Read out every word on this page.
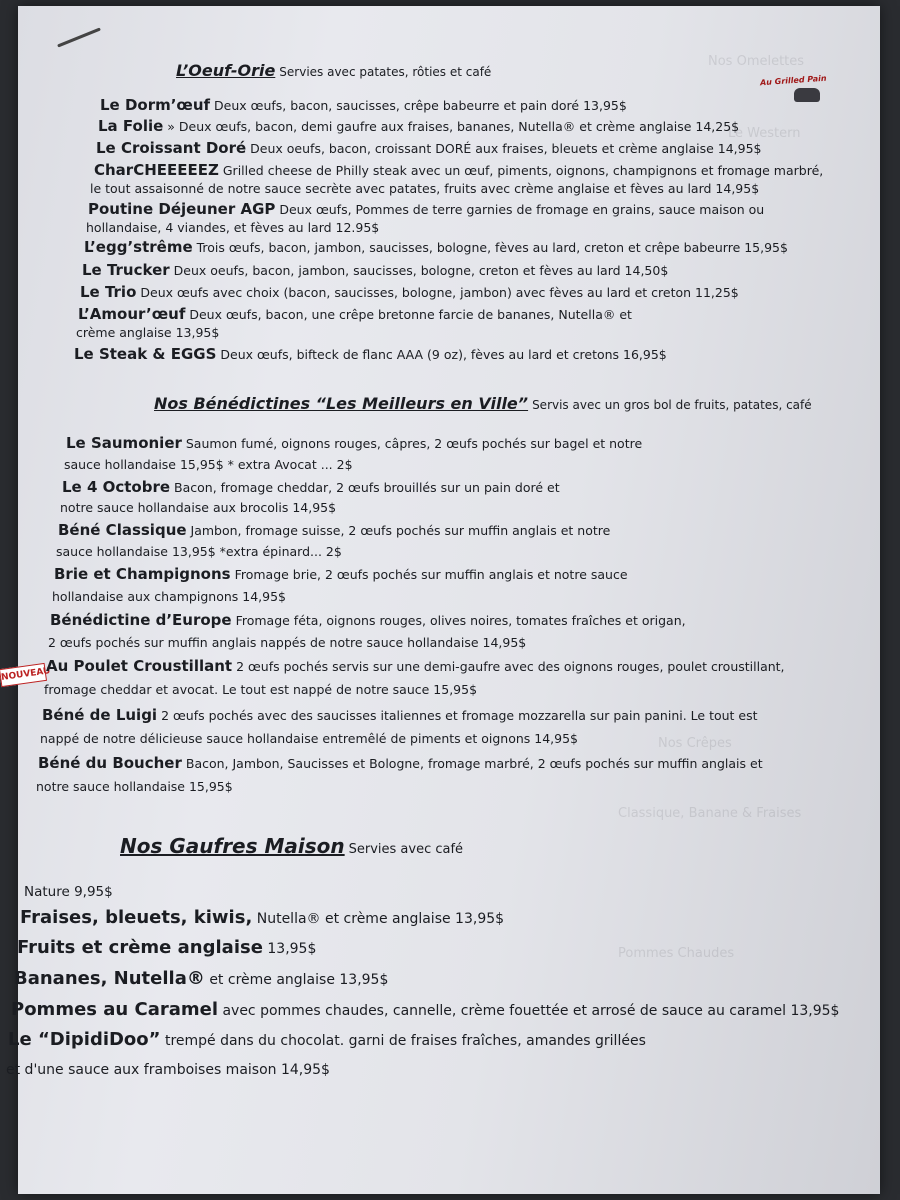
Nos Omelettes
Le Western
Nos Crêpes
Classique, Banane & Fraises
Pommes Chaudes
Au Grilled Pain
NOUVEAU
L’Oeuf-Orie Servies avec patates, rôties et café
Le Dorm’œuf Deux œufs, bacon, saucisses, crêpe babeurre et pain doré 13,95$
La Folie » Deux œufs, bacon, demi gaufre aux fraises, bananes, Nutella® et crème anglaise 14,25$
Le Croissant Doré Deux oeufs, bacon, croissant DORÉ aux fraises, bleuets et crème anglaise 14,95$
CharCHEEEEEZ Grilled cheese de Philly steak avec un œuf, piments, oignons, champignons et fromage marbré,
le tout assaisonné de notre sauce secrète avec patates, fruits avec crème anglaise et fèves au lard 14,95$
Poutine Déjeuner AGP Deux œufs, Pommes de terre garnies de fromage en grains, sauce maison ou
hollandaise, 4 viandes, et fèves au lard 12.95$
L’egg’strême Trois œufs, bacon, jambon, saucisses, bologne, fèves au lard, creton et crêpe babeurre 15,95$
Le Trucker Deux oeufs, bacon, jambon, saucisses, bologne, creton et fèves au lard 14,50$
Le Trio Deux œufs avec choix (bacon, saucisses, bologne, jambon) avec fèves au lard et creton 11,25$
L’Amour’œuf Deux œufs, bacon, une crêpe bretonne farcie de bananes, Nutella® et
crème anglaise 13,95$
Le Steak & EGGS Deux œufs, bifteck de flanc AAA (9 oz), fèves au lard et cretons 16,95$
Nos Bénédictines “Les Meilleurs en Ville” Servis avec un gros bol de fruits, patates, café
Le Saumonier Saumon fumé, oignons rouges, câpres, 2 œufs pochés sur bagel et notre
sauce hollandaise 15,95$ * extra Avocat ... 2$
Le 4 Octobre Bacon, fromage cheddar, 2 œufs brouillés sur un pain doré et
notre sauce hollandaise aux brocolis 14,95$
Béné Classique Jambon, fromage suisse, 2 œufs pochés sur muffin anglais et notre
sauce hollandaise 13,95$ *extra épinard... 2$
Brie et Champignons Fromage brie, 2 œufs pochés sur muffin anglais et notre sauce
hollandaise aux champignons 14,95$
Bénédictine d’Europe Fromage féta, oignons rouges, olives noires, tomates fraîches et origan,
2 œufs pochés sur muffin anglais nappés de notre sauce hollandaise 14,95$
Au Poulet Croustillant 2 œufs pochés servis sur une demi-gaufre avec des oignons rouges, poulet croustillant,
fromage cheddar et avocat. Le tout est nappé de notre sauce 15,95$
Béné de Luigi 2 œufs pochés avec des saucisses italiennes et fromage mozzarella sur pain panini. Le tout est
nappé de notre délicieuse sauce hollandaise entremêlé de piments et oignons 14,95$
Béné du Boucher Bacon, Jambon, Saucisses et Bologne, fromage marbré, 2 œufs pochés sur muffin anglais et
notre sauce hollandaise 15,95$
Nos Gaufres Maison Servies avec café
Nature 9,95$
Fraises, bleuets, kiwis, Nutella® et crème anglaise 13,95$
Fruits et crème anglaise 13,95$
Bananes, Nutella® et crème anglaise 13,95$
Pommes au Caramel avec pommes chaudes, cannelle, crème fouettée et arrosé de sauce au caramel 13,95$
Le “DipidiDoo” trempé dans du chocolat. garni de fraises fraîches, amandes grillées
et d'une sauce aux framboises maison 14,95$
